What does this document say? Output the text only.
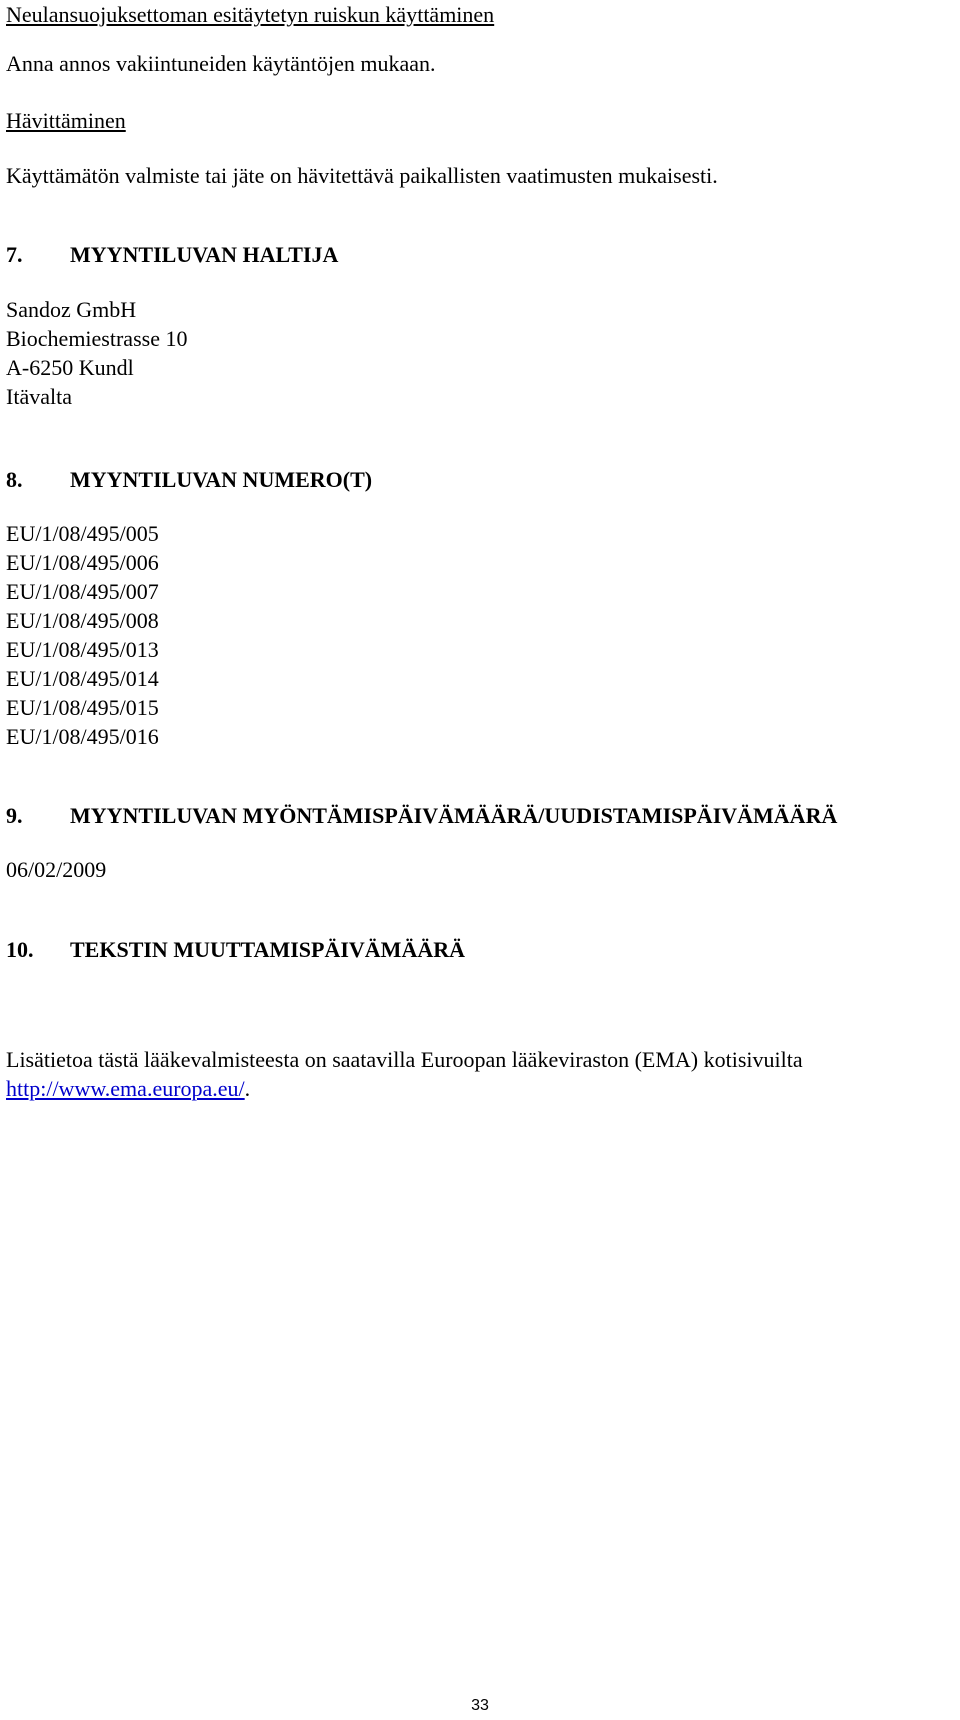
Neulansuojuksettoman esitäytetyn ruiskun käyttäminen
Anna annos vakiintuneiden käytäntöjen mukaan.
Hävittäminen
Käyttämätön valmiste tai jäte on hävitettävä paikallisten vaatimusten mukaisesti.
7.	MYYNTILUVAN HALTIJA
Sandoz GmbH
Biochemiestrasse 10
A-6250 Kundl
Itävalta
8.	MYYNTILUVAN NUMERO(T)
EU/1/08/495/005
EU/1/08/495/006
EU/1/08/495/007
EU/1/08/495/008
EU/1/08/495/013
EU/1/08/495/014
EU/1/08/495/015
EU/1/08/495/016
9.	MYYNTILUVAN MYÖNTÄMISPÄIVÄMÄÄRÄ/UUDISTAMISPÄIVÄMÄÄRÄ
06/02/2009
10.	TEKSTIN MUUTTAMISPÄIVÄMÄÄRÄ
Lisätietoa tästä lääkevalmisteesta on saatavilla Euroopan lääkeviraston (EMA) kotisivuilta
http://www.ema.europa.eu/.
33
